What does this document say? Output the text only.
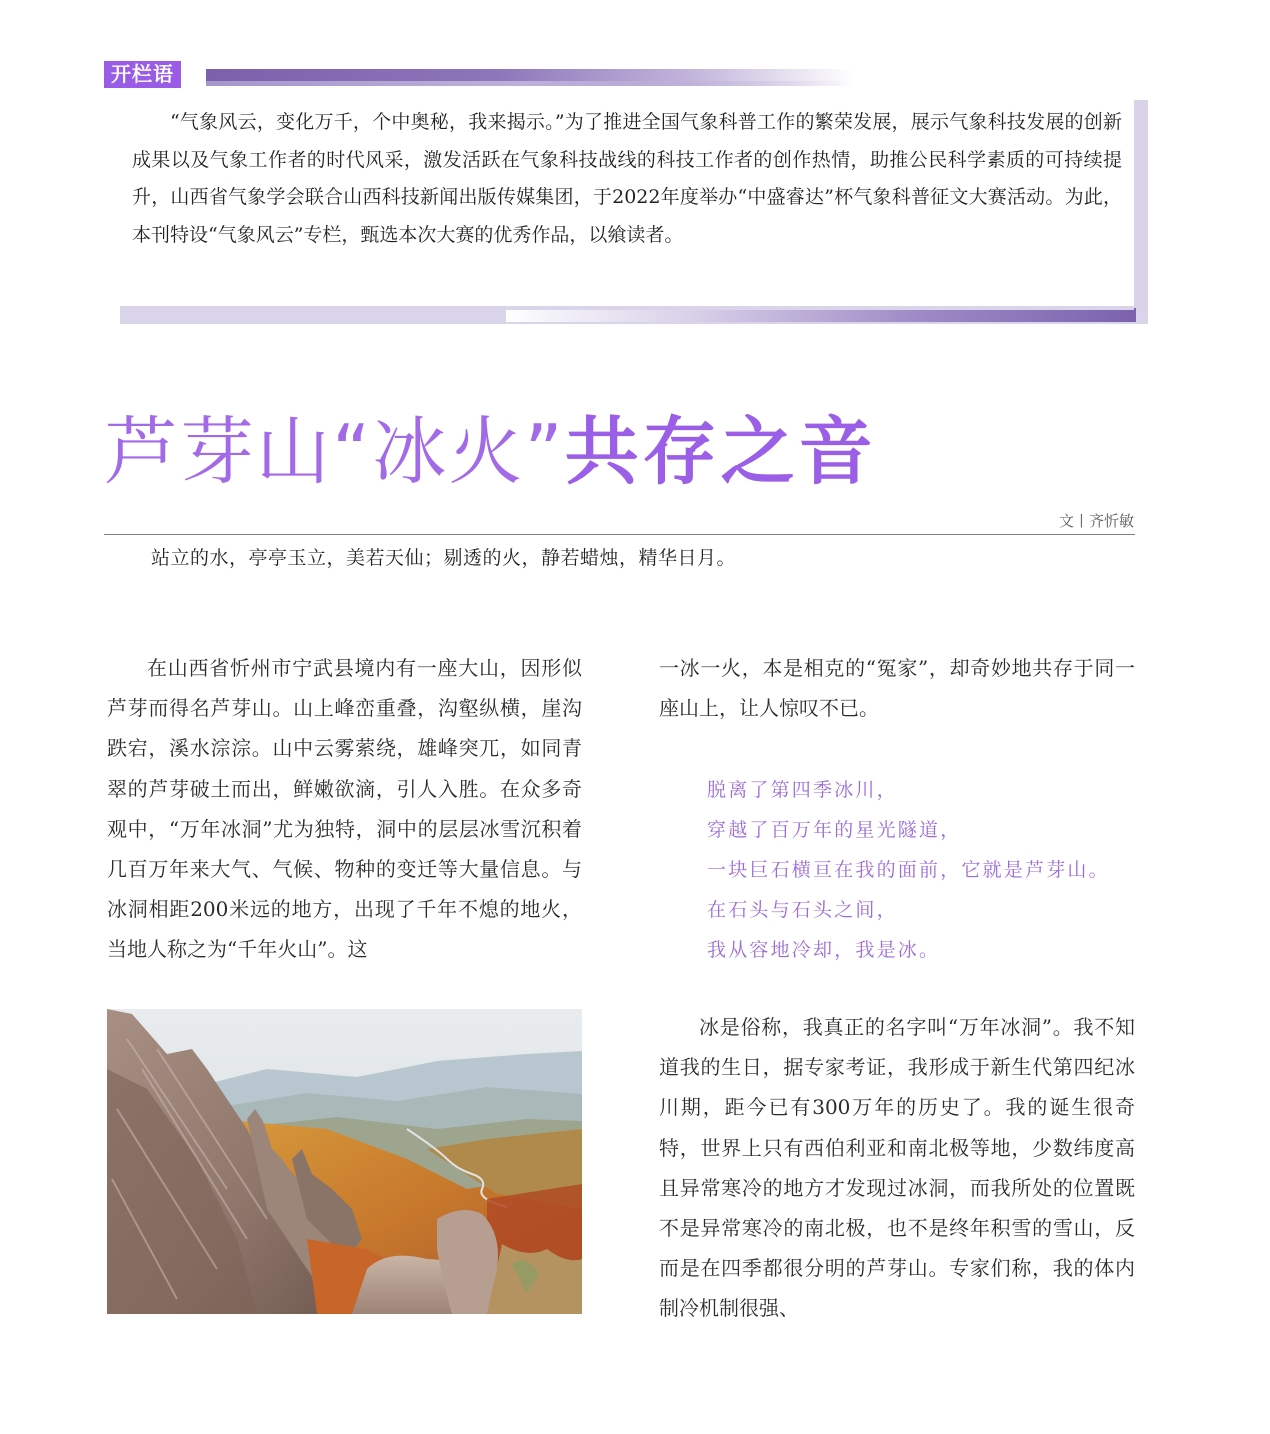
开栏语

“气象风云，变化万千，个中奥秘，我来揭示。”为了推进全国气象科普工作的繁荣发展，展示气象科技发展的创新成果以及气象工作者的时代风采，激发活跃在气象科技战线的科技工作者的创作热情，助推公民科学素质的可持续提升，山西省气象学会联合山西科技新闻出版传媒集团，于2022年度举办“中盛睿达”杯气象科普征文大赛活动。为此，本刊特设“气象风云”专栏，甄选本次大赛的优秀作品，以飨读者。

芦芽山“冰火”共存之音
文丨齐忻敏
站立的水，亭亭玉立，美若天仙；剔透的火，静若蜡烛，精华日月。

在山西省忻州市宁武县境内有一座大山，因形似芦芽而得名芦芽山。山上峰峦重叠，沟壑纵横，崖沟跌宕，溪水淙淙。山中云雾萦绕，雄峰突兀，如同青翠的芦芽破土而出，鲜嫩欲滴，引人入胜。在众多奇观中，“万年冰洞”尤为独特，洞中的层层冰雪沉积着几百万年来大气、气候、物种的变迁等大量信息。与冰洞相距200米远的地方，出现了千年不熄的地火，当地人称之为“千年火山”。这

一冰一火，本是相克的“冤家”，却奇妙地共存于同一座山上，让人惊叹不已。

脱离了第四季冰川，
穿越了百万年的星光隧道，
一块巨石横亘在我的面前，它就是芦芽山。
在石头与石头之间，
我从容地冷却，我是冰。

冰是俗称，我真正的名字叫“万年冰洞”。我不知道我的生日，据专家考证，我形成于新生代第四纪冰川期，距今已有300万年的历史了。我的诞生很奇特，世界上只有西伯利亚和南北极等地，少数纬度高且异常寒冷的地方才发现过冰洞，而我所处的位置既不是异常寒冷的南北极，也不是终年积雪的雪山，反而是在四季都很分明的芦芽山。专家们称，我的体内制冷机制很强、
